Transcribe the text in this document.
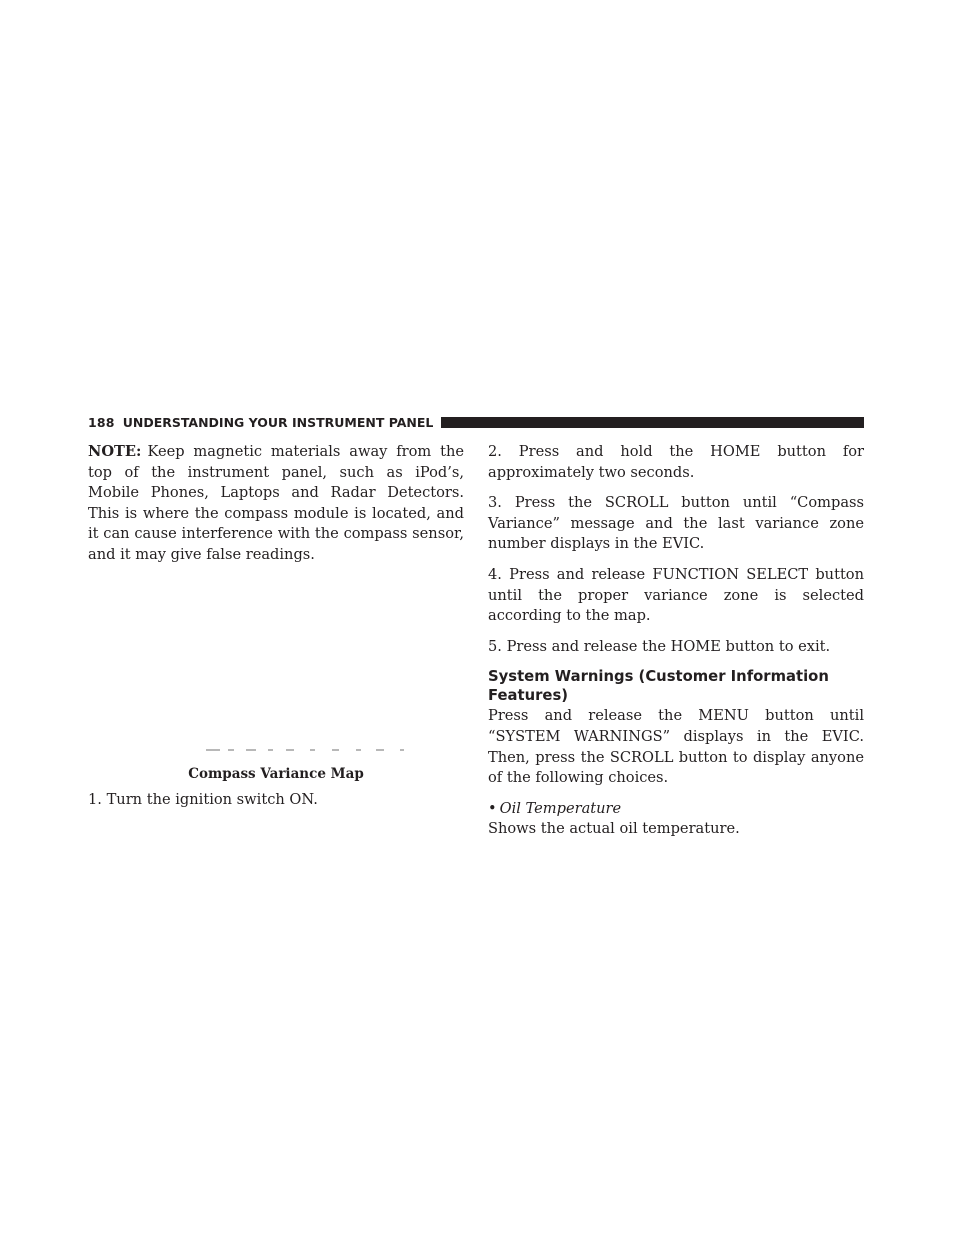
188 UNDERSTANDING YOUR INSTRUMENT PANEL

NOTE: Keep magnetic materials away from the top of the instrument panel, such as iPod’s, Mobile Phones, Laptops and Radar Detectors. This is where the compass module is located, and it can cause interference with the compass sensor, and it may give false readings.

Compass Variance Map
1. Turn the ignition switch ON.

2. Press and hold the HOME button for approximately two seconds.

3. Press the SCROLL button until “Compass Variance” message and the last variance zone number displays in the EVIC.

4. Press and release FUNCTION SELECT button until the proper variance zone is selected according to the map.

5. Press and release the HOME button to exit.

System Warnings (Customer Information Features)

Press and release the MENU button until “SYSTEM WARNINGS” displays in the EVIC. Then, press the SCROLL button to display anyone of the following choices.

• Oil Temperature

Shows the actual oil temperature.
